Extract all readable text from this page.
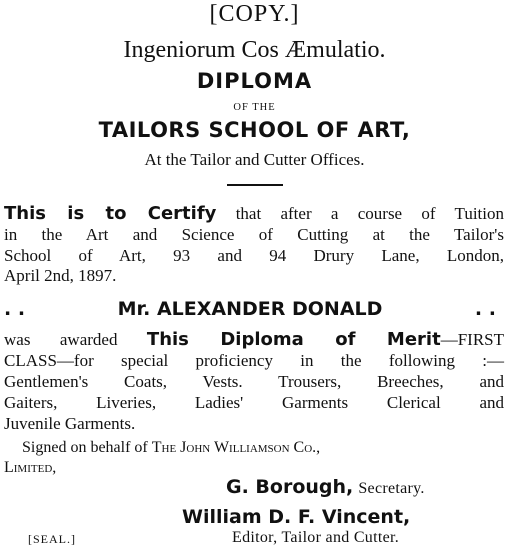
[COPY.]
Ingeniorum Cos Æmulatio.
DIPLOMA
OF THE
TAILORS SCHOOL OF ART,
At the Tailor and Cutter Offices.
This is to Certify that after a course of Tuition
in the Art and Science of Cutting at the Tailor's
School of Art, 93 and 94 Drury Lane, London,
April 2nd, 1897.
. .	Mr. ALEXANDER DONALD	. .
was awarded This Diploma of Merit—FIRST
CLASS—for special proficiency in the following :—
Gentlemen's Coats, Vests. Trousers, Breeches, and
Gaiters, Liveries, Ladies' Garments Clerical and
Juvenile Garments.
Signed on behalf of The John Williamson Co.,
Limited,
G. Borough, Secretary.
William D. F. Vincent,
[SEAL.]	Editor, Tailor and Cutter.
